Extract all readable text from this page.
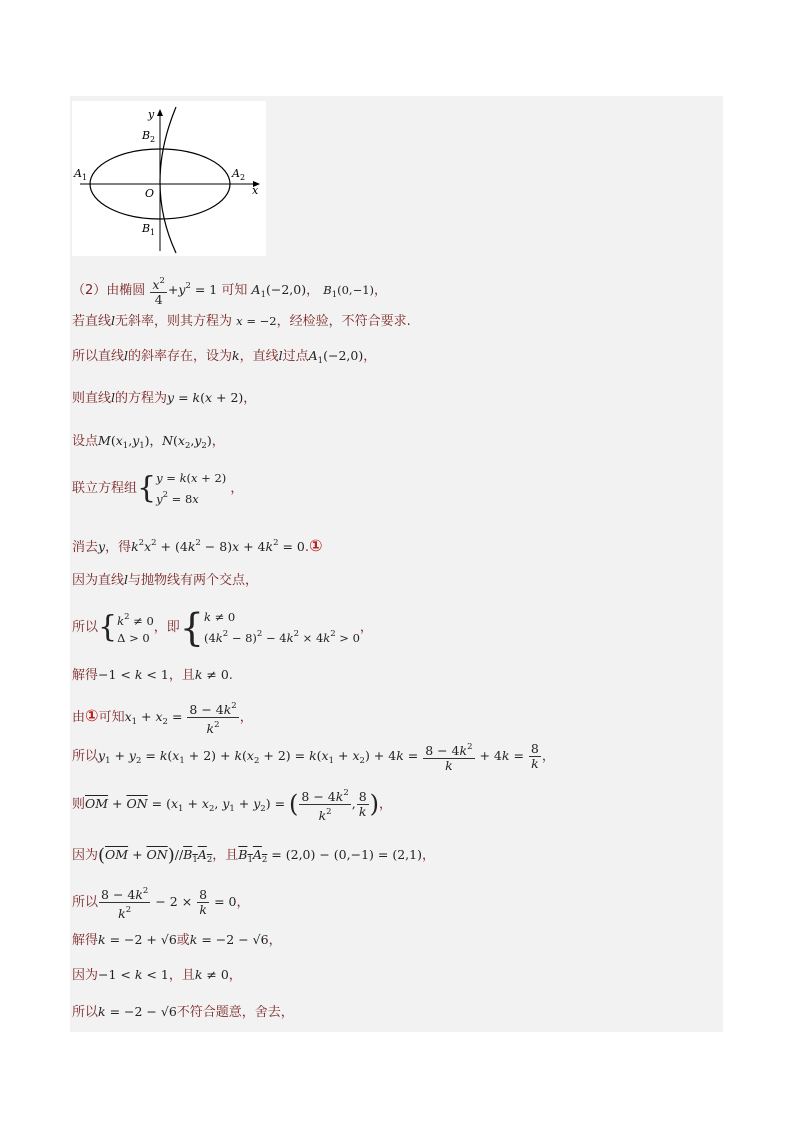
y
x
O
A 1	A 2
B 1
B 2
（2）由椭圆 $\frac{x^2}{4} +y^2 = 1$ 可知 $A_1(-2,0)$， $B_1(0,-1)$，
若直线l无斜率，则其方程为 x = −2，经检验，不符合要求.
所以直线l的斜率存在，设为k，直线l过点$A_1(-2,0)$，
则直线l的方程为y = k(x + 2)，
设点$M(x_1,y_1)$，$N(x_2,y_2)$，
联立方程组{ y = k(x + 2)
$y^2 = 8x$
，
消去y，得$k^2x^2 + (4k^2 - 8)x + 4k^2$ = 0.①
因为直线l与抛物线有两个交点，
所以{ $k^2 \ne 0$
Δ > 0
，即{ k ≠ 0
$(4k^2 - 8)^2 - 4k^2 \times 4k^2 > 0$
，
解得−1 < k < 1，且k ≠ 0.
由①可知$x_1 + x_2 = \frac{8 - 4k^2}{k^2}$ ，
所以$y_1 + y_2 = k(x_1 + 2) + k(x_2 + 2) = k(x_1 + x_2) + 4k = \frac{8 - 4k^2}{k} + 4k = \frac{8}{k}$ ，
则$\overline{OM} + \overline{ON} = (x_1 + x_2$, $y_1 + y_2$) = ( $\frac{8 - 4k^2}{k^2}$ , $\frac{8}{k}$ )，
因为$(\overline{OM} + \overline{ON})//B_1A_2$，且$B_1A_2 = (2,0) - (0,-1) = (2,1)$，
所以 $\frac{8 - 4k^2}{k^2} - 2 \times \frac{8}{k} = 0$，
解得k = −2 + √6或k = −2 − √6，
因为−1 < k < 1，且k ≠ 0，
所以k = −2 − √6不符合题意，舍去，
